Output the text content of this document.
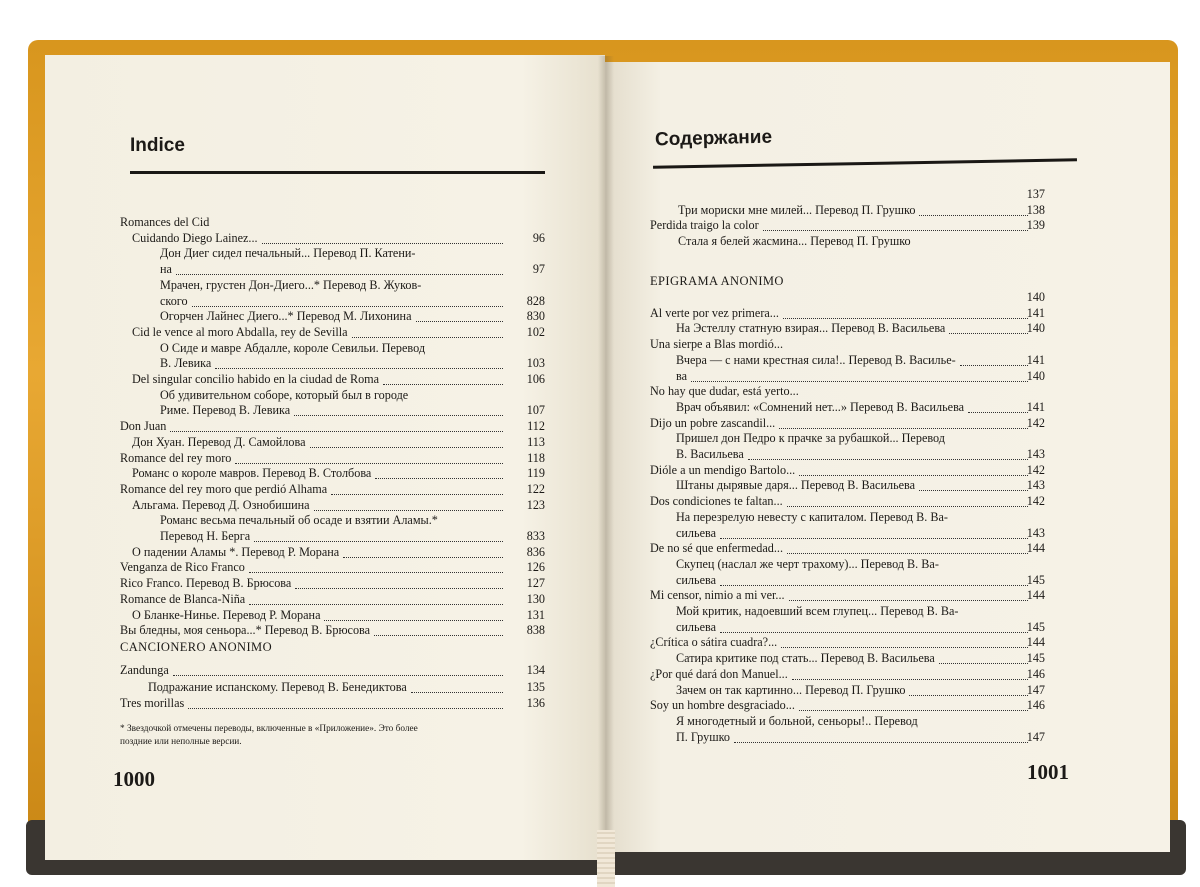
Indice
Romances del Cid
Cuidando Diego Lainez...	96
Дон Диег сидел печальный... Перевод П. Катени-
на	97
Мрачен, грустен Дон-Диего...* Перевод В. Жуков-
ского	828
Огорчен Лайнес Диего...* Перевод М. Лихонина	830
Cid le vence al moro Abdalla, rey de Sevilla	102
О Сиде и мавре Абдалле, короле Севильи. Перевод
В. Левика	103
Del singular concilio habido en la ciudad de Roma	106
Об удивительном соборе, который был в городе
Риме. Перевод В. Левика	107
Don Juan	112
Дон Хуан. Перевод Д. Самойлова	113
Romance del rey moro	118
Романс о короле мавров. Перевод В. Столбова	119
Romance del rey moro que perdió Alhama	122
Альгама. Перевод Д. Ознобишина	123
Романс весьма печальный об осаде и взятии Аламы.*
Перевод Н. Берга	833
О падении Аламы *. Перевод Р. Морана	836
Venganza de Rico Franco	126
Rico Franco. Перевод В. Брюсова	127
Romance de Blanca-Niña	130
О Бланке-Нинье. Перевод Р. Морана	131
Вы бледны, моя сеньора...* Перевод В. Брюсова	838
CANCIONERO ANONIMO
Zandunga	134
Подражание испанскому. Перевод В. Бенедиктова	135
Tres morillas	136
* Звездочкой отмечены переводы, включенные в «Приложение». Это более
поздние или неполные версии.
1000
Содержание
137
Три мориски мне милей... Перевод П. Грушко	138
Perdida traigo la color	139
Стала я белей жасмина... Перевод П. Грушко
EPIGRAMA ANONIMO
140
Al verte por vez primera...	141
На Эстеллу статную взирая... Перевод В. Васильева	140
Una sierpe a Blas mordió...
Вчера — с нами крестная сила!.. Перевод В. Васильe-	141
ва	140
No hay que dudar, está yerto...
Врач объявил: «Сомнений нет...» Перевод В. Васильева	141
Dijo un pobre zascandil...	142
Пришел дон Педро к прачке за рубашкой... Перевод
В. Васильева	143
Dióle a un mendigo Bartolo...	142
Штаны дырявые даря... Перевод В. Васильева	143
Dos condiciones te faltan...	142
На перезрелую невесту с капиталом. Перевод В. Ва-
сильева	143
De no sé que enfermedad...	144
Скупец (наслал же черт трахому)... Перевод В. Ва-
сильева	145
Mi censor, nimio a mi ver...	144
Мой критик, надоевший всем глупец... Перевод В. Ва-
сильева	145
¿Crítica o sátira cuadra?...	144
Сатира критике под стать... Перевод В. Васильева	145
¿Por qué dará don Manuel...	146
Зачем он так картинно... Перевод П. Грушко	147
Soy un hombre desgraciado...	146
Я многодетный и больной, сеньоры!.. Перевод
П. Грушко	147
1001
